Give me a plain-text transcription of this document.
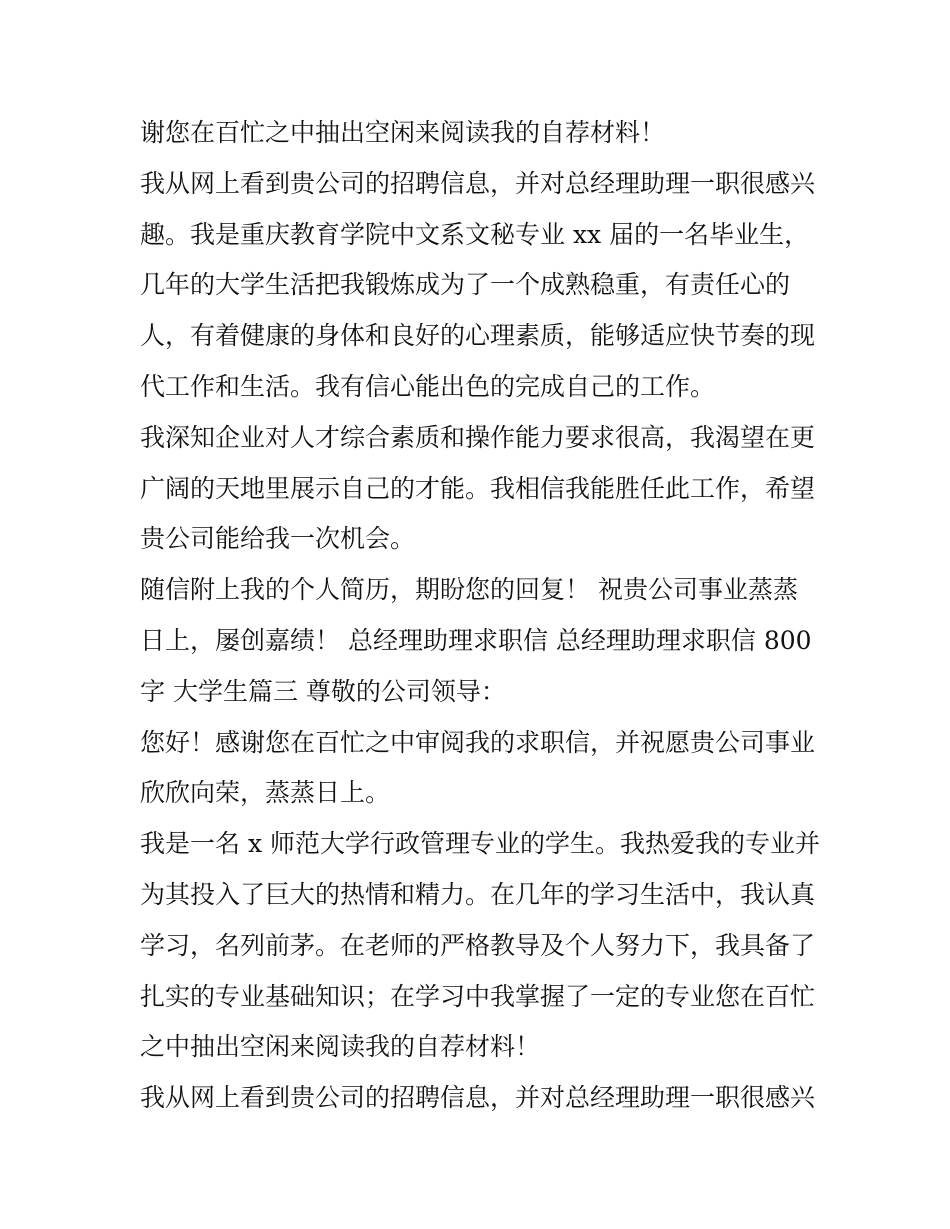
谢您在百忙之中抽出空闲来阅读我的自荐材料！
我从网上看到贵公司的招聘信息，并对总经理助理一职很感兴
趣。我是重庆教育学院中文系文秘专业 xx 届的一名毕业生，
几年的大学生活把我锻炼成为了一个成熟稳重，有责任心的
人，有着健康的身体和良好的心理素质，能够适应快节奏的现
代工作和生活。我有信心能出色的完成自己的工作。
我深知企业对人才综合素质和操作能力要求很高，我渴望在更
广阔的天地里展示自己的才能。我相信我能胜任此工作，希望
贵公司能给我一次机会。
随信附上我的个人简历，期盼您的回复！ 祝贵公司事业蒸蒸
日上，屡创嘉绩！ 总经理助理求职信 总经理助理求职信 800
字 大学生篇三 尊敬的公司领导：
您好！感谢您在百忙之中审阅我的求职信，并祝愿贵公司事业
欣欣向荣，蒸蒸日上。
我是一名 x 师范大学行政管理专业的学生。我热爱我的专业并
为其投入了巨大的热情和精力。在几年的学习生活中，我认真
学习，名列前茅。在老师的严格教导及个人努力下，我具备了
扎实的专业基础知识；在学习中我掌握了一定的专业您在百忙
之中抽出空闲来阅读我的自荐材料！
我从网上看到贵公司的招聘信息，并对总经理助理一职很感兴
